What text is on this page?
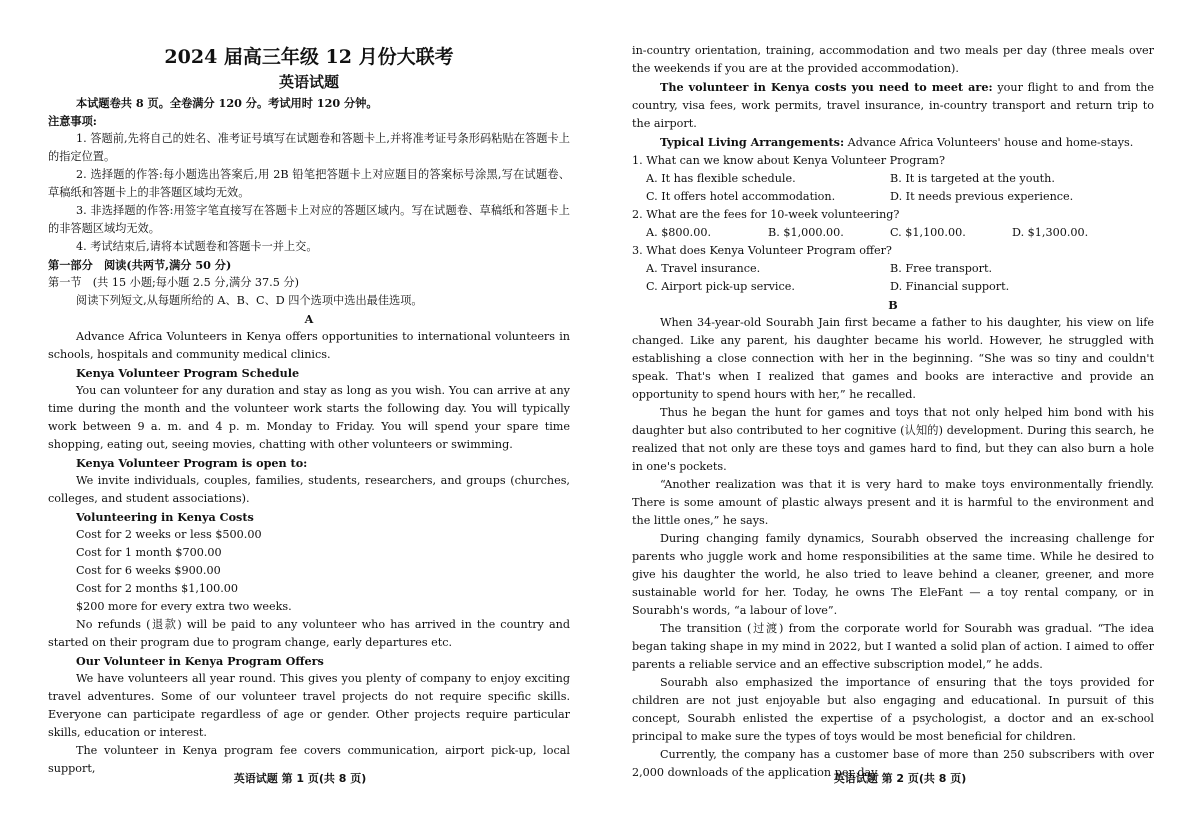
2024 届高三年级 12 月份大联考
英语试题

本试题卷共 8 页。全卷满分 120 分。考试用时 120 分钟。

注意事项:

1. 答题前,先将自己的姓名、准考证号填写在试题卷和答题卡上,并将准考证号条形码粘贴在答题卡上的指定位置。

2. 选择题的作答:每小题选出答案后,用 2B 铅笔把答题卡上对应题目的答案标号涂黑,写在试题卷、草稿纸和答题卡上的非答题区域均无效。

3. 非选择题的作答:用签字笔直接写在答题卡上对应的答题区域内。写在试题卷、草稿纸和答题卡上的非答题区域均无效。

4. 考试结束后,请将本试题卷和答题卡一并上交。

第一部分　阅读(共两节,满分 50 分)

第一节　(共 15 小题;每小题 2.5 分,满分 37.5 分)

阅读下列短文,从每题所给的 A、B、C、D 四个选项中选出最佳选项。

A

Advance Africa Volunteers in Kenya offers opportunities to international volunteers in schools, hospitals and community medical clinics.

Kenya Volunteer Program Schedule

You can volunteer for any duration and stay as long as you wish. You can arrive at any time during the month and the volunteer work starts the following day. You will typically work between 9 a. m. and 4 p. m. Monday to Friday. You will spend your spare time shopping, eating out, seeing movies, chatting with other volunteers or swimming.

Kenya Volunteer Program is open to:

We invite individuals, couples, families, students, researchers, and groups (churches, colleges, and student associations).

Volunteering in Kenya Costs

Cost for 2 weeks or less $500.00

Cost for 1 month $700.00

Cost for 6 weeks $900.00

Cost for 2 months $1,100.00

$200 more for every extra two weeks.

No refunds (退款) will be paid to any volunteer who has arrived in the country and started on their program due to program change, early departures etc.

Our Volunteer in Kenya Program Offers

We have volunteers all year round. This gives you plenty of company to enjoy exciting travel adventures. Some of our volunteer travel projects do not require specific skills. Everyone can participate regardless of age or gender. Other projects require particular skills, education or interest.

The volunteer in Kenya program fee covers communication, airport pick-up, local support,

英语试题 第 1 页(共 8 页)

in-country orientation, training, accommodation and two meals per day (three meals over the weekends if you are at the provided accommodation).

The volunteer in Kenya costs you need to meet are: your flight to and from the country, visa fees, work permits, travel insurance, in-country transport and return trip to the airport.

Typical Living Arrangements: Advance Africa Volunteers' house and home-stays.

1. What can we know about Kenya Volunteer Program?

A. It has flexible schedule.	B. It is targeted at the youth.
C. It offers hotel accommodation.	D. It needs previous experience.

2. What are the fees for 10-week volunteering?

A. $800.00.	B. $1,000.00.	C. $1,100.00.	D. $1,300.00.

3. What does Kenya Volunteer Program offer?

A. Travel insurance.	B. Free transport.
C. Airport pick-up service.	D. Financial support.

B

When 34-year-old Sourabh Jain first became a father to his daughter, his view on life changed. Like any parent, his daughter became his world. However, he struggled with establishing a close connection with her in the beginning. “She was so tiny and couldn't speak. That's when I realized that games and books are interactive and provide an opportunity to spend hours with her,” he recalled.

Thus he began the hunt for games and toys that not only helped him bond with his daughter but also contributed to her cognitive (认知的) development. During this search, he realized that not only are these toys and games hard to find, but they can also burn a hole in one's pockets.

“Another realization was that it is very hard to make toys environmentally friendly. There is some amount of plastic always present and it is harmful to the environment and the little ones,” he says.

During changing family dynamics, Sourabh observed the increasing challenge for parents who juggle work and home responsibilities at the same time. While he desired to give his daughter the world, he also tried to leave behind a cleaner, greener, and more sustainable world for her. Today, he owns The EleFant — a toy rental company, or in Sourabh's words, “a labour of love”.

The transition (过渡) from the corporate world for Sourabh was gradual. “The idea began taking shape in my mind in 2022, but I wanted a solid plan of action. I aimed to offer parents a reliable service and an effective subscription model,” he adds.

Sourabh also emphasized the importance of ensuring that the toys provided for children are not just enjoyable but also engaging and educational. In pursuit of this concept, Sourabh enlisted the expertise of a psychologist, a doctor and an ex-school principal to make sure the types of toys would be most beneficial for children.

Currently, the company has a customer base of more than 250 subscribers with over 2,000 downloads of the application per day.

英语试题 第 2 页(共 8 页)
